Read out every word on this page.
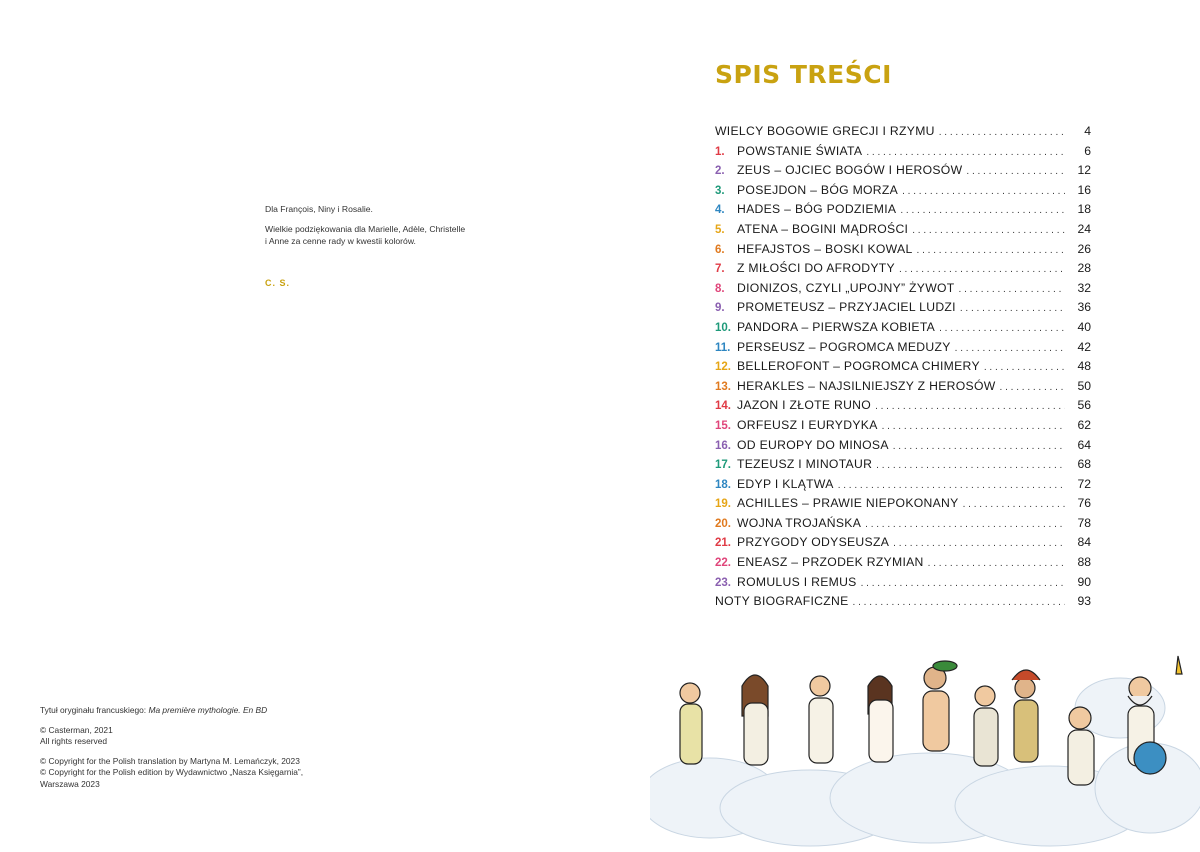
Dla François, Niny i Rosalie.

Wielkie podziękowania dla Marielle, Adèle, Christelle
i Anne za cenne rady w kwestii kolorów.

C. S.

Tytuł oryginału francuskiego: Ma première mythologie. En BD

© Casterman, 2021
All rights reserved

© Copyright for the Polish translation by Martyna M. Lemańczyk, 2023
© Copyright for the Polish edition by Wydawnictwo „Nasza Księgarnia”,
Warszawa 2023

SPIS TREŚCI
WIELCY BOGOWIE GRECJI I RZYMU . . .	4
1.	POWSTANIE ŚWIATA . . .	6
2.	ZEUS – OJCIEC BOGÓW I HEROSÓW . . .	12
3.	POSEJDON – BÓG MORZA . . .	16
4.	HADES – BÓG PODZIEMIA . . .	18
5.	ATENA – BOGINI MĄDROŚCI . . .	24
6.	HEFAJSTOS – BOSKI KOWAL . . .	26
7.	Z MIŁOŚCI DO AFRODYTY . . .	28
8.	DIONIZOS, CZYLI „UPOJNY” ŻYWOT . . .	32
9.	PROMETEUSZ – PRZYJACIEL LUDZI . . .	36
10. PANDORA – PIERWSZA KOBIETA . . .	40
11. PERSEUSZ – POGROMCA MEDUZY . . .	42
12. BELLEROFONT – POGROMCA CHIMERY . . .	48
13. HERAKLES – NAJSILNIEJSZY Z HEROSÓW . . .	50
14. JAZON I ZŁOTE RUNO . . .	56
15. ORFEUSZ I EURYDYKA . . .	62
16. OD EUROPY DO MINOSA . . .	64
17. TEZEUSZ I MINOTAUR . . .	68
18. EDYP I KLĄTWA . . .	72
19. ACHILLES – PRAWIE NIEPOKONANY . . .	76
20. WOJNA TROJAŃSKA . . .	78
21. PRZYGODY ODYSEUSZA . . .	84
22. ENEASZ – PRZODEK RZYMIAN . . .	88
23. ROMULUS I REMUS . . .	90
NOTY BIOGRAFICZNE . . .	93
